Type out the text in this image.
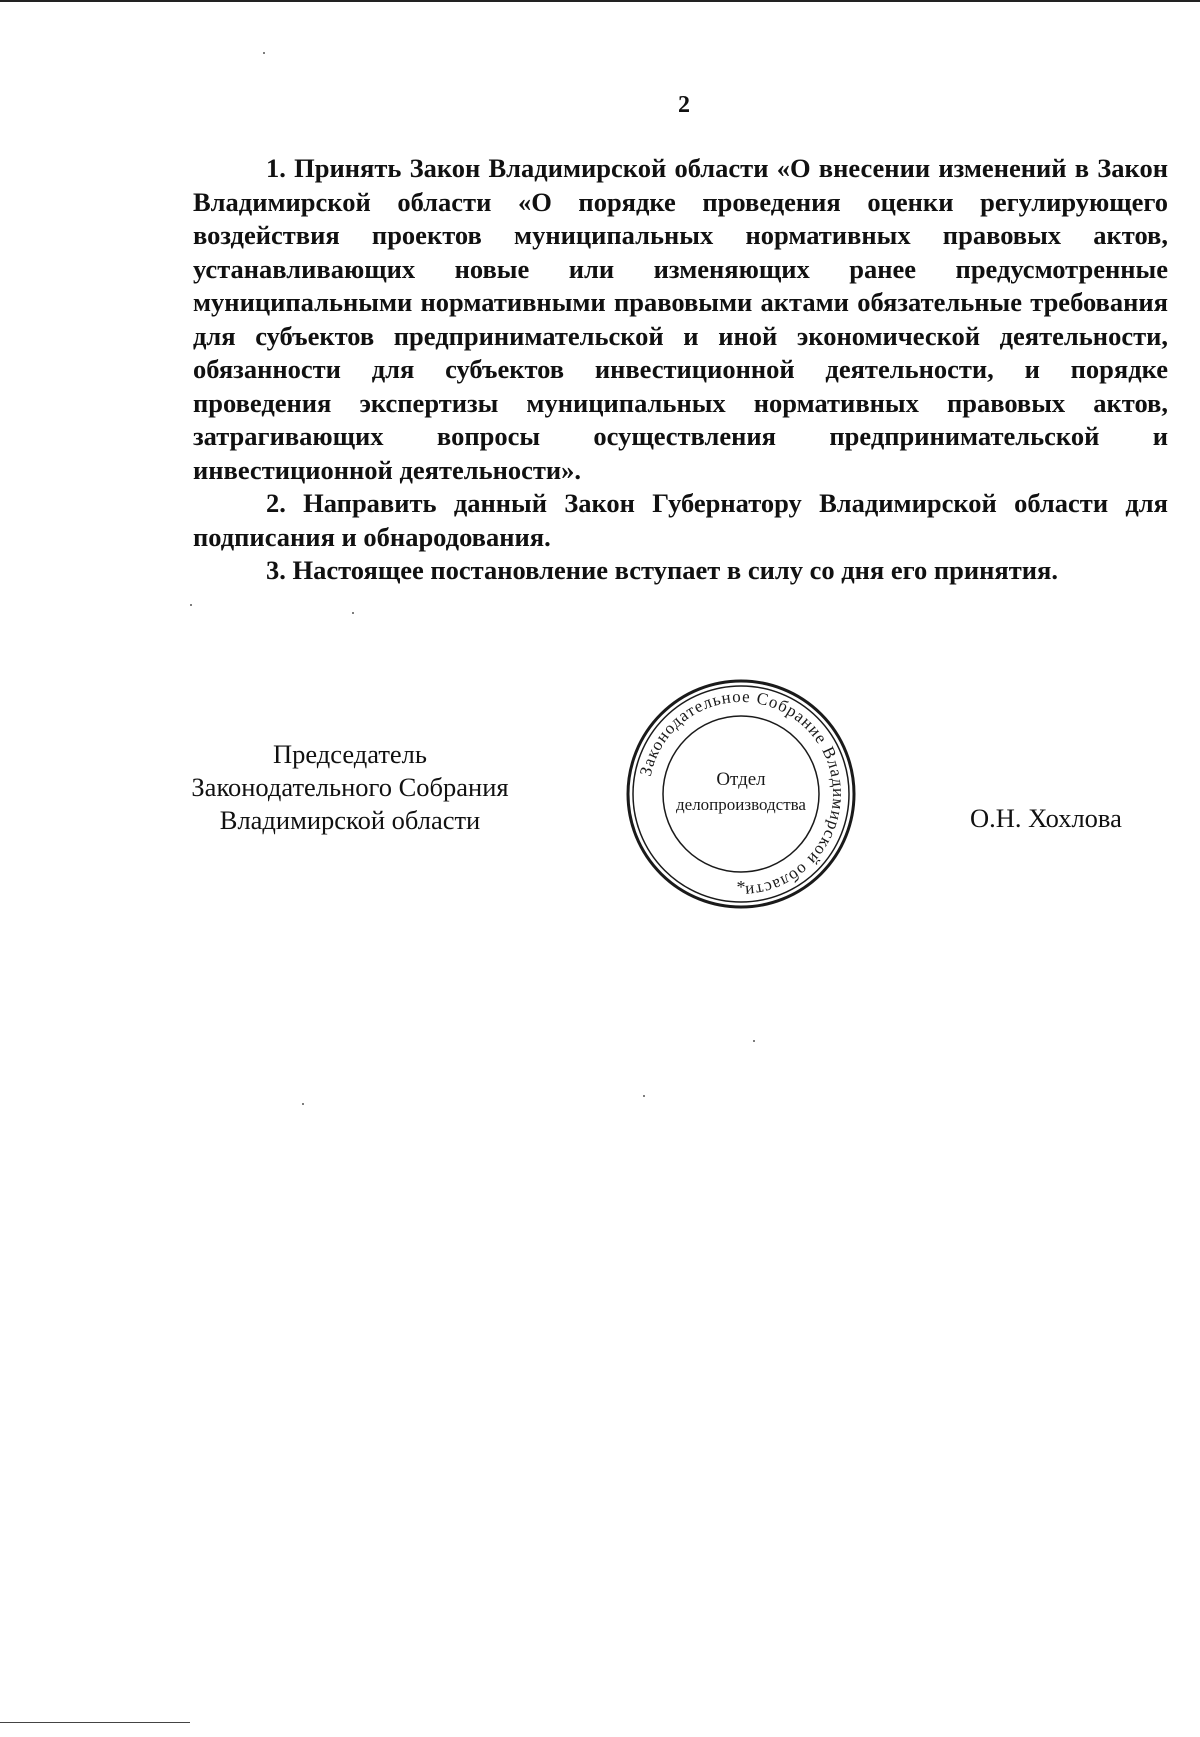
2

1. Принять Закон Владимирской области «О внесении изменений в Закон Владимирской области «О порядке проведения оценки регулирующего воздействия проектов муниципальных нормативных правовых актов, устанавливающих новые или изменяющих ранее предусмотренные муниципальными нормативными правовыми актами обязательные требования для субъектов предпринимательской и иной экономической деятельности, обязанности для субъектов инвестиционной деятельности, и порядке проведения экспертизы муниципальных нормативных правовых актов, затрагивающих вопросы осуществления предпринимательской и инвестиционной деятельности».

2. Направить данный Закон Губернатору Владимирской области для подписания и обнародования.

3. Настоящее постановление вступает в силу со дня его принятия.

Председатель
Законодательного Собрания
Владимирской области	О.Н. Хохлова
Законодательное Собрание Владимирской области
Отдел
делопроизводства
*
